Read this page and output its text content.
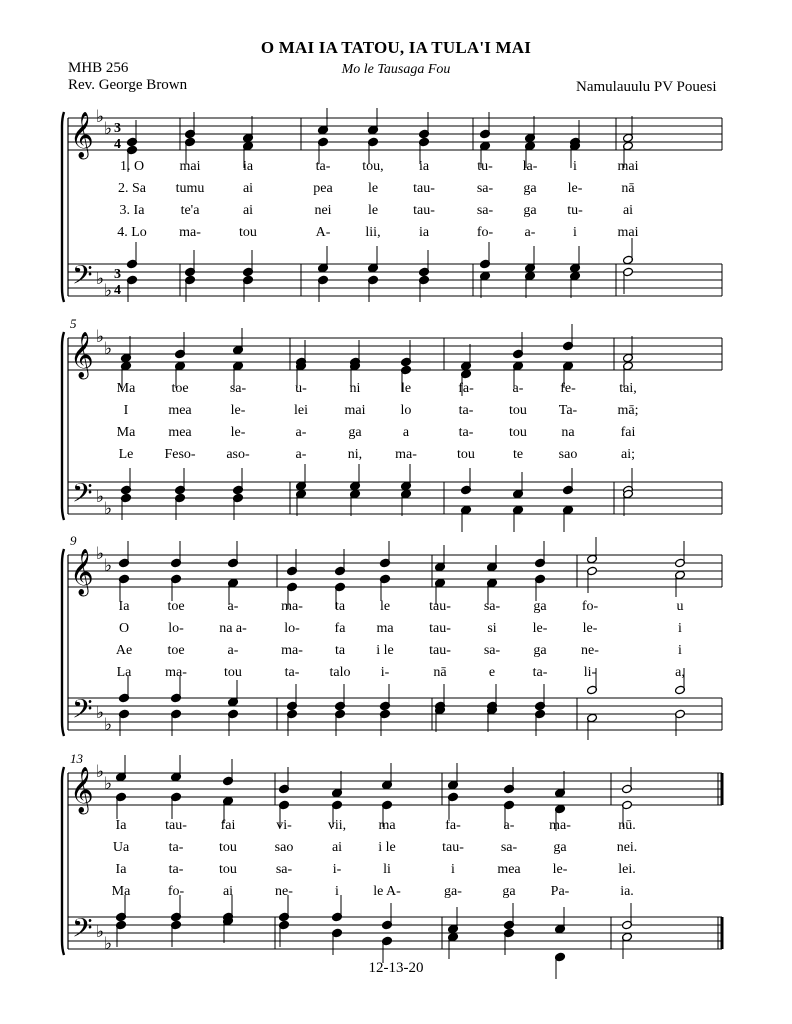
O MAI IA TATOU, IA TULA'I MAI
Mo le Tausaga Fou
MHB 256
Rev. George Brown	Namulauulu PV Pouesi
𝄞
𝄢
♭
♭
♭
♭
3
4
3
4
1. O	mai	ia	ta- tou,	ia	tu- la-	i	mai
2. Sa tumu	ai	pea	le	tau-	sa- ga le-	nā
3. Ia	te'a	ai	nei	le	tau-	sa- ga tu-	ai
4. Lo ma-	tou	A-	lii,	ia	fo- a-	i	mai
𝄞
𝄢
♭
♭
♭
♭
5
Ma	toe	sa-	u-	ni	le	fa-	a-	fe-	tai,
I	mea	le-	lei	mai	lo	ta-	tou Ta-	mā;
Ma mea	le-	a-	ga	a	ta-	tou na	fai
Le Feso- aso-	a-	ni, ma-	tou	te	sao	ai;
𝄞
𝄢
♭
♭
♭
♭
9
Ia	toe	a-	ma- ta le	tau- sa- ga	fo-	u
O	lo-	na a-	lo- fa ma	tau-	si	le-	le-	i
Ae	toe	a-	ma- ta i le	tau- sa- ga ne-	i
La ma-	tou	ta- talo i-	nā	e	ta-	li-	a,
𝄞
𝄢
♭
♭
♭
♭
13
Ia	tau- fai	vi-	vii, ma	fa-	a- ma-	nū.
Ua	ta-	tou	sao	ai	i le	tau-	sa-	ga	nei.
Ia	ta-	tou	sa-	i-	li	i	mea le-	lei.
Ma	fo-	ai	ne-	i le A-	ga-	ga	Pa-	ia.
12-13-20
